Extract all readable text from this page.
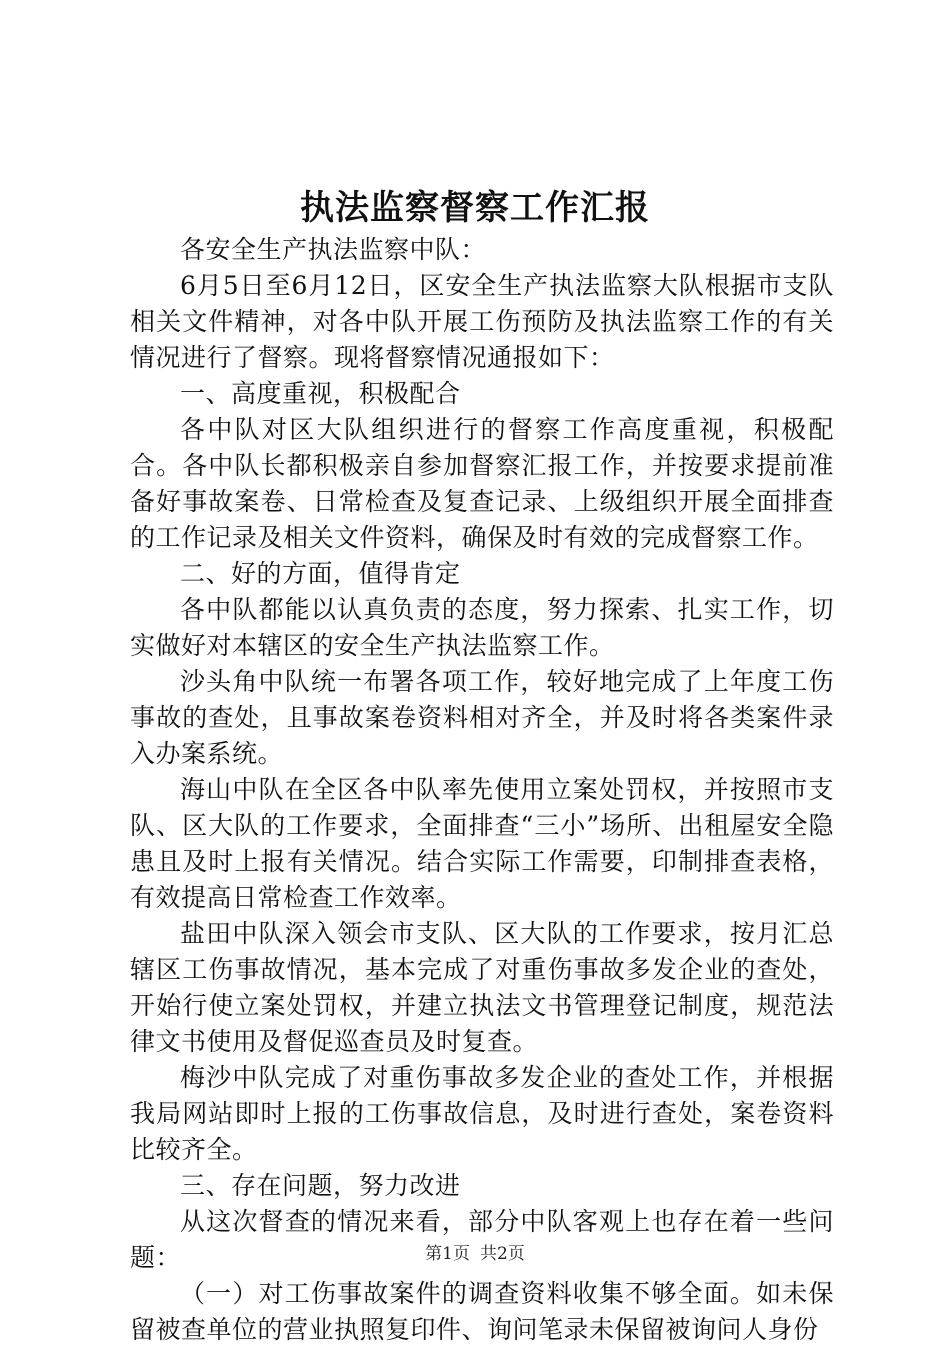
执法监察督察工作汇报

各安全生产执法监察中队：

6月5日至6月12日，区安全生产执法监察大队根据市支队相关文件精神，对各中队开展工伤预防及执法监察工作的有关情况进行了督察。现将督察情况通报如下：

一、高度重视，积极配合

各中队对区大队组织进行的督察工作高度重视，积极配合。各中队长都积极亲自参加督察汇报工作，并按要求提前准备好事故案卷、日常检查及复查记录、上级组织开展全面排查的工作记录及相关文件资料，确保及时有效的完成督察工作。

二、好的方面，值得肯定

各中队都能以认真负责的态度，努力探索、扎实工作，切实做好对本辖区的安全生产执法监察工作。

沙头角中队统一布署各项工作，较好地完成了上年度工伤事故的查处，且事故案卷资料相对齐全，并及时将各类案件录入办案系统。

海山中队在全区各中队率先使用立案处罚权，并按照市支队、区大队的工作要求，全面排查“三小”场所、出租屋安全隐患且及时上报有关情况。结合实际工作需要，印制排查表格，有效提高日常检查工作效率。

盐田中队深入领会市支队、区大队的工作要求，按月汇总辖区工伤事故情况，基本完成了对重伤事故多发企业的查处，开始行使立案处罚权，并建立执法文书管理登记制度，规范法律文书使用及督促巡查员及时复查。

梅沙中队完成了对重伤事故多发企业的查处工作，并根据我局网站即时上报的工伤事故信息，及时进行查处，案卷资料比较齐全。

三、存在问题，努力改进

从这次督查的情况来看，部分中队客观上也存在着一些问题：

（一）对工伤事故案件的调查资料收集不够全面。如未保留被查单位的营业执照复印件、询问笔录未保留被询问人身份

第1页 共2页
